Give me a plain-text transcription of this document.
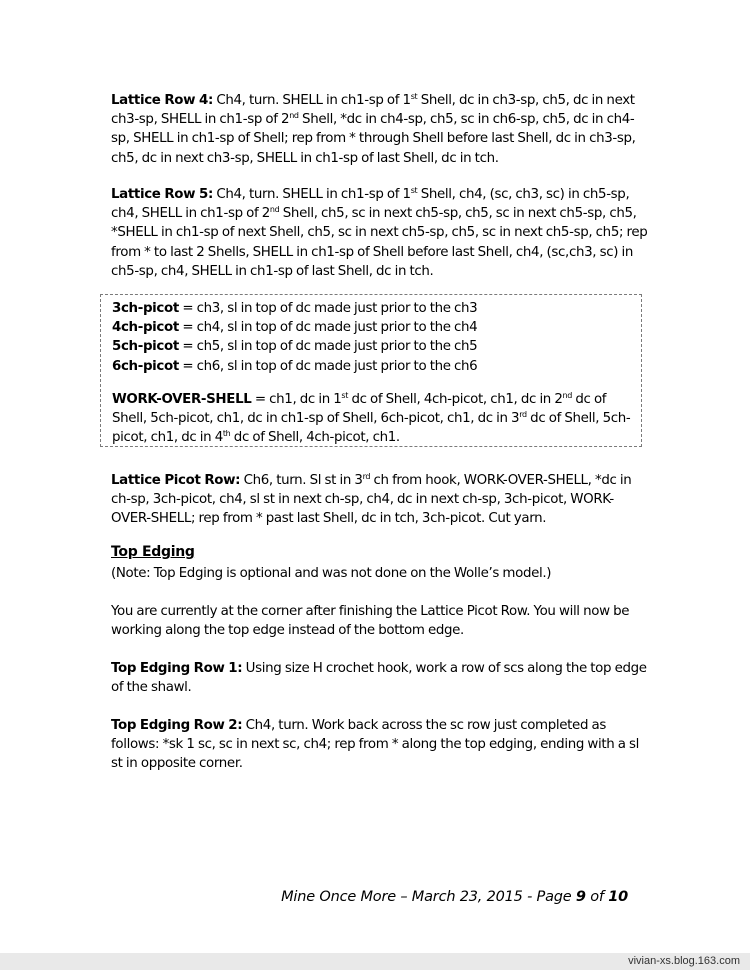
Lattice Row 4: Ch4, turn. SHELL in ch1-sp of 1st Shell, dc in ch3-sp, ch5, dc in next ch3-sp, SHELL in ch1-sp of 2nd Shell, *dc in ch4-sp, ch5, sc in ch6-sp, ch5, dc in ch4-sp, SHELL in ch1-sp of Shell; rep from * through Shell before last Shell, dc in ch3-sp, ch5, dc in next ch3-sp, SHELL in ch1-sp of last Shell, dc in tch.

Lattice Row 5: Ch4, turn. SHELL in ch1-sp of 1st Shell, ch4, (sc, ch3, sc) in ch5-sp, ch4, SHELL in ch1-sp of 2nd Shell, ch5, sc in next ch5-sp, ch5, sc in next ch5-sp, ch5, *SHELL in ch1-sp of next Shell, ch5, sc in next ch5-sp, ch5, sc in next ch5-sp, ch5; rep from * to last 2 Shells, SHELL in ch1-sp of Shell before last Shell, ch4, (sc,ch3, sc) in ch5-sp, ch4, SHELL in ch1-sp of last Shell, dc in tch.

3ch-picot = ch3, sl in top of dc made just prior to the ch3
4ch-picot = ch4, sl in top of dc made just prior to the ch4
5ch-picot = ch5, sl in top of dc made just prior to the ch5
6ch-picot = ch6, sl in top of dc made just prior to the ch6

WORK-OVER-SHELL = ch1, dc in 1st dc of Shell, 4ch-picot, ch1, dc in 2nd dc of Shell, 5ch-picot, ch1, dc in ch1-sp of Shell, 6ch-picot, ch1, dc in 3rd dc of Shell, 5ch-picot, ch1, dc in 4th dc of Shell, 4ch-picot, ch1.

Lattice Picot Row: Ch6, turn. Sl st in 3rd ch from hook, WORK-OVER-SHELL, *dc in ch-sp, 3ch-picot, ch4, sl st in next ch-sp, ch4, dc in next ch-sp, 3ch-picot, WORK-OVER-SHELL; rep from * past last Shell, dc in tch, 3ch-picot. Cut yarn.

Top Edging

(Note: Top Edging is optional and was not done on the Wolle’s model.)

You are currently at the corner after finishing the Lattice Picot Row. You will now be working along the top edge instead of the bottom edge.

Top Edging Row 1: Using size H crochet hook, work a row of scs along the top edge of the shawl.

Top Edging Row 2: Ch4, turn. Work back across the sc row just completed as follows: *sk 1 sc, sc in next sc, ch4; rep from * along the top edging, ending with a sl st in opposite corner.

Mine Once More – March 23, 2015 - Page 9 of 10
vivian-xs.blog.163.com
